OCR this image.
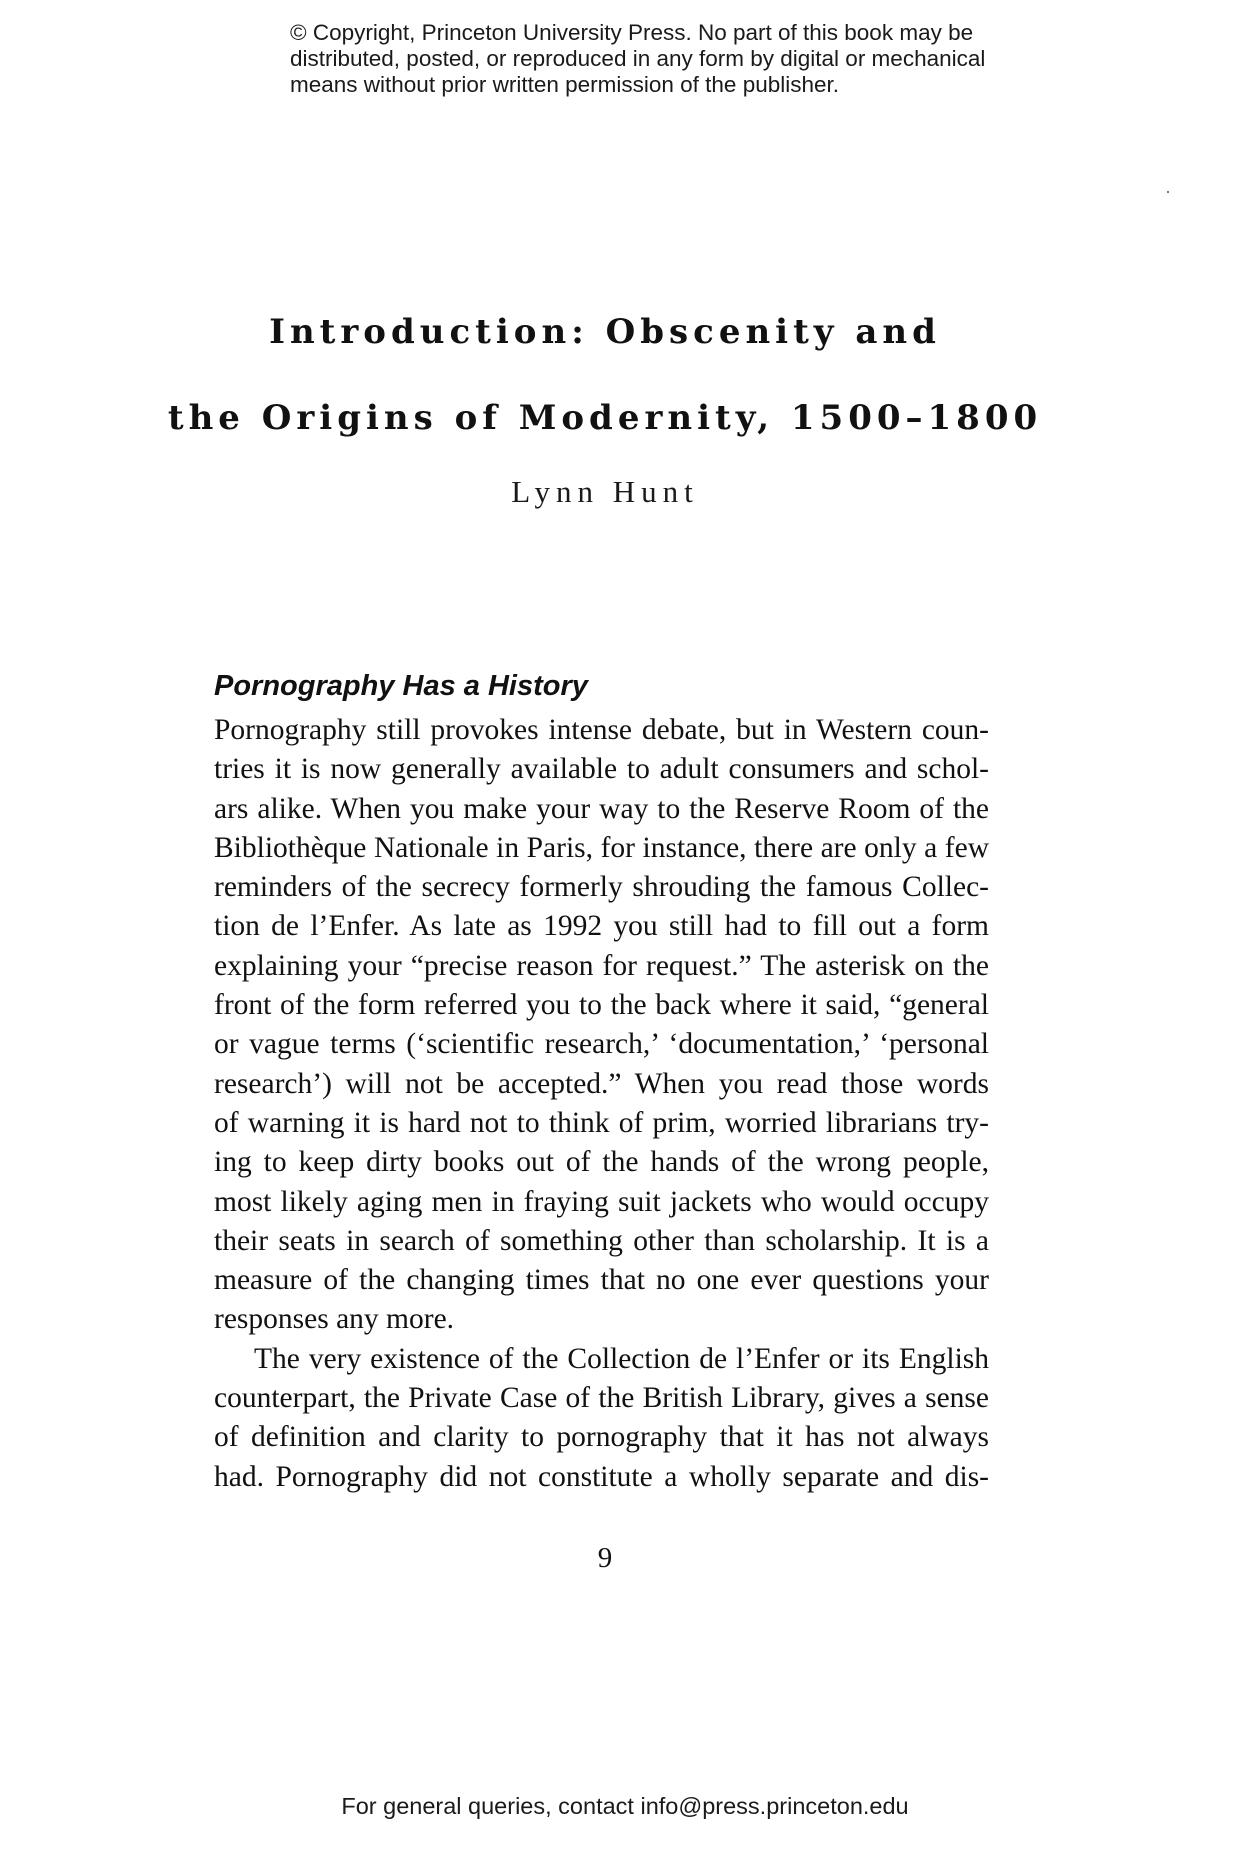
© Copyright, Princeton University Press. No part of this book may be
distributed, posted, or reproduced in any form by digital or mechanical
means without prior written permission of the publisher.
Introduction: Obscenity and
the Origins of Modernity, 1500–1800
Lynn Hunt
Pornography Has a History
Pornography still provokes intense debate, but in Western coun-
tries it is now generally available to adult consumers and schol-
ars alike. When you make your way to the Reserve Room of the
Bibliothèque Nationale in Paris, for instance, there are only a few
reminders of the secrecy formerly shrouding the famous Collec-
tion de l’Enfer. As late as 1992 you still had to fill out a form
explaining your “precise reason for request.” The asterisk on the
front of the form referred you to the back where it said, “general
or vague terms (‘scientific research,’ ‘documentation,’ ‘personal
research’) will not be accepted.” When you read those words
of warning it is hard not to think of prim, worried librarians try-
ing to keep dirty books out of the hands of the wrong people,
most likely aging men in fraying suit jackets who would occupy
their seats in search of something other than scholarship. It is a
measure of the changing times that no one ever questions your
responses any more.
The very existence of the Collection de l’Enfer or its English
counterpart, the Private Case of the British Library, gives a sense
of definition and clarity to pornography that it has not always
had. Pornography did not constitute a wholly separate and dis-
9
For general queries, contact info@press.princeton.edu
